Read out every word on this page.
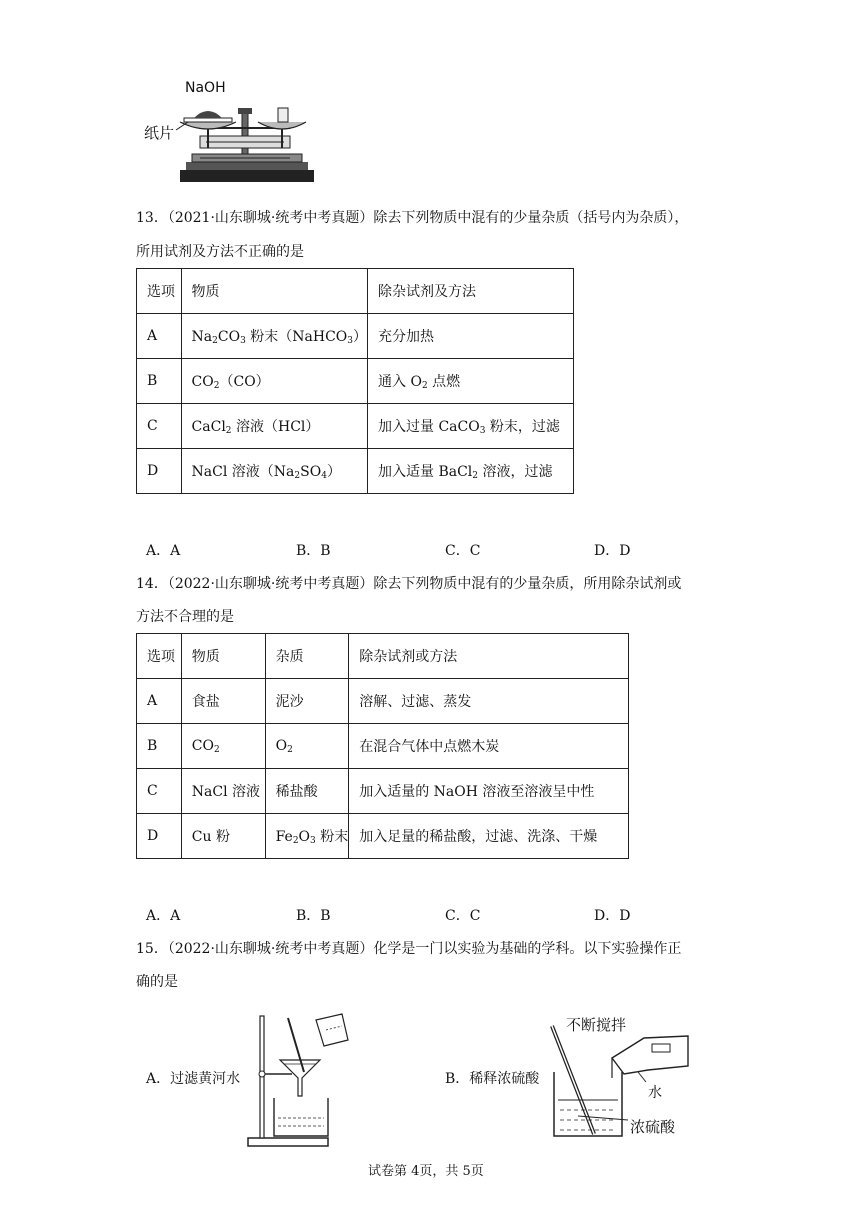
NaOH
纸片
13．（2021·山东聊城·统考中考真题）除去下列物质中混有的少量杂质（括号内为杂质），
所用试剂及方法不正确的是
选项	物质	除杂试剂及方法
A	$Na_2CO_3$ 粉末（NaHCO$_3$）	充分加热
B	$CO_2(CO)$	通入 $O_2$ 点燃
C	CaCl$_2$ 溶液（HCl）	加入过量 CaCO$_3$ 粉末，过滤
D	NaCl 溶液$(Na_2SO_4)$	加入适量 BaCl$_2$ 溶液，过滤
A．A	B．B	C．C	D．D
14．（2022·山东聊城·统考中考真题）除去下列物质中混有的少量杂质，所用除杂试剂或
方法不合理的是
选项	物质	杂质	除杂试剂或方法
A	食盐	泥沙	溶解、过滤、蒸发
B	$CO_2$	$O_2$	在混合气体中点燃木炭
C	NaCl 溶液	稀盐酸	加入适量的 NaOH 溶液至溶液呈中性
D	Cu 粉	$Fe_2O_3$ 粉末	加入足量的稀盐酸，过滤、洗涤、干燥
A．A	B．B	C．C	D．D
15．（2022·山东聊城·统考中考真题）化学是一门以实验为基础的学科。以下实验操作正
确的是
A．过滤黄河水	B．稀释浓硫酸
不断搅拌
水
浓硫酸
试卷第 4页，共 5页
